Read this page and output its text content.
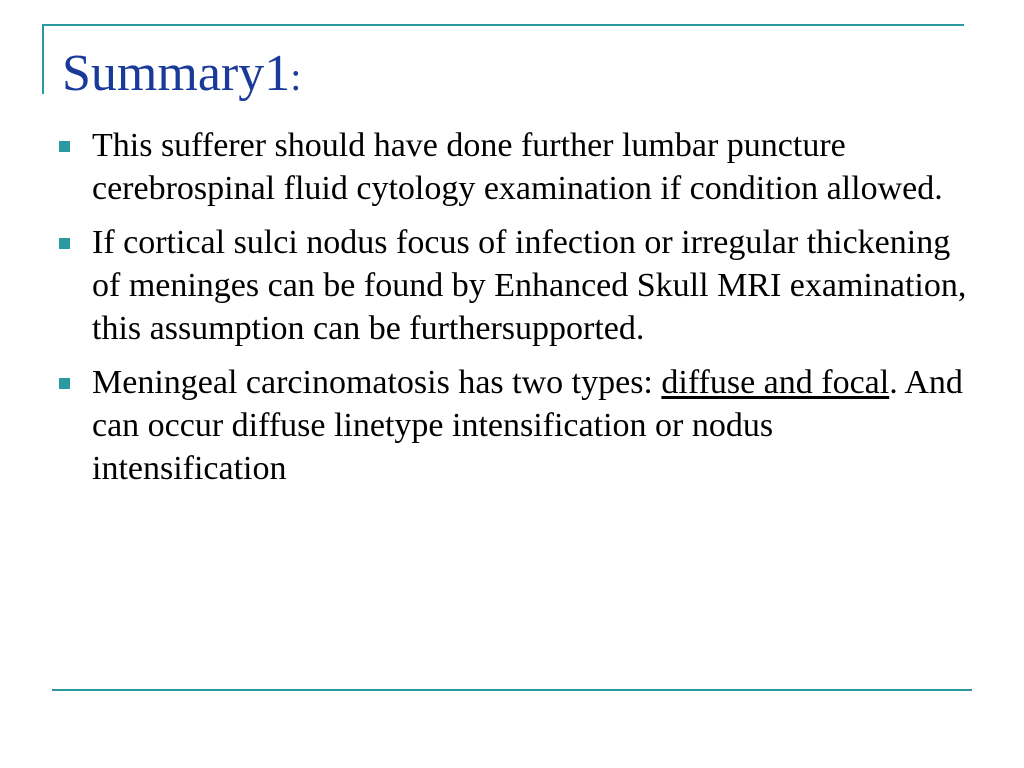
Summary1:
This sufferer should have done further lumbar puncture cerebrospinal fluid cytology examination if condition allowed.
If cortical sulci nodus focus of infection or irregular thickening of meninges can be found by Enhanced Skull MRI examination, this assumption can be furthersupported.
Meningeal carcinomatosis has two types: diffuse and focal. And can occur diffuse linetype intensification or nodus intensification
